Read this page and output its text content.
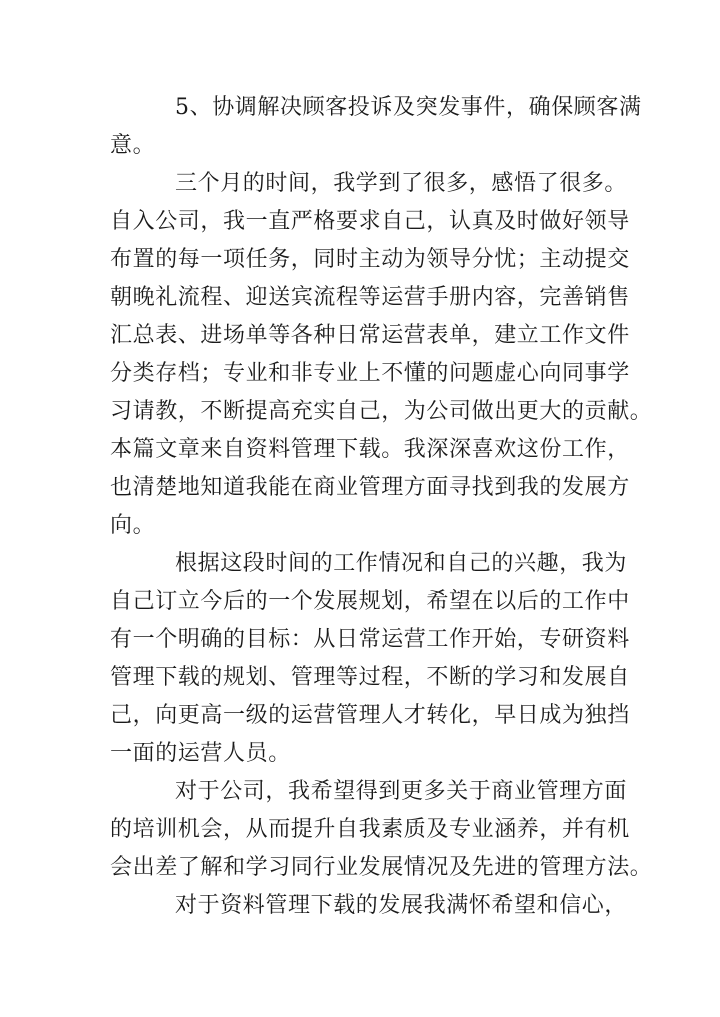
5、协调解决顾客投诉及突发事件，确保顾客满
意。
三个月的时间，我学到了很多，感悟了很多。
自入公司，我一直严格要求自己，认真及时做好领导
布置的每一项任务，同时主动为领导分忧；主动提交
朝晚礼流程、迎送宾流程等运营手册内容，完善销售
汇总表、进场单等各种日常运营表单，建立工作文件
分类存档；专业和非专业上不懂的问题虚心向同事学
习请教，不断提高充实自己，为公司做出更大的贡献。
本篇文章来自资料管理下载。我深深喜欢这份工作，
也清楚地知道我能在商业管理方面寻找到我的发展方
向。
根据这段时间的工作情况和自己的兴趣，我为
自己订立今后的一个发展规划，希望在以后的工作中
有一个明确的目标：从日常运营工作开始，专研资料
管理下载的规划、管理等过程，不断的学习和发展自
己，向更高一级的运营管理人才转化，早日成为独挡
一面的运营人员。
对于公司，我希望得到更多关于商业管理方面
的培训机会，从而提升自我素质及专业涵养，并有机
会出差了解和学习同行业发展情况及先进的管理方法。
对于资料管理下载的发展我满怀希望和信心，
